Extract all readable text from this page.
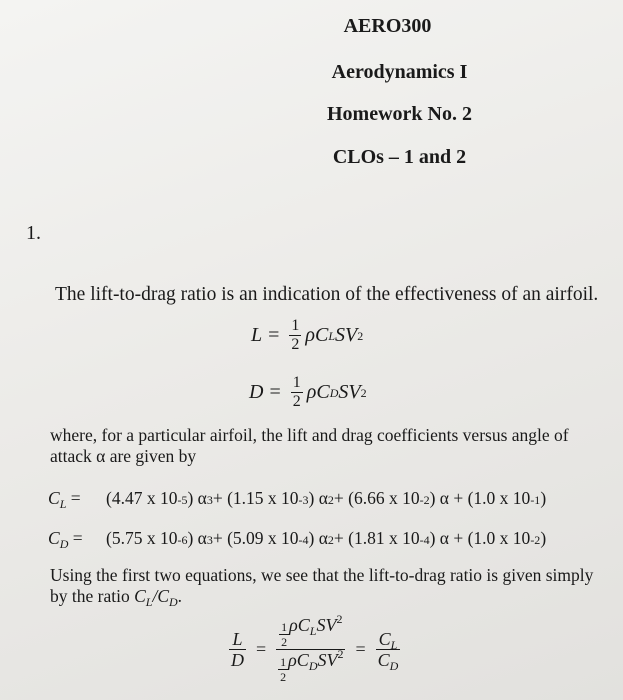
AERO300
Aerodynamics I
Homework No. 2
CLOs – 1 and 2
1.
The lift-to-drag ratio is an indication of the effectiveness of an airfoil.
$L = \frac{1}{2}$ ρC L SV 2
$D = \frac{1}{2}$ ρC D SV 2
where, for a particular airfoil, the lift and drag coefficients versus angle of attack α are given by
$C_L$ =	(4.47 x 10 -5 ) α 3 + (1.15 x 10 -3 ) α 2 + (6.66 x 10 -2 ) α + (1.0 x 10 -1 )
$C_D$ =	(5.75 x 10 -6 ) α 3 + (5.09 x 10 -4 ) α 2 + (1.81 x 10 -4 ) α + (1.0 x 10 -2 )
Using the first two equations, we see that the lift-to-drag ratio is given simply by the ratio $C_L/C_D$.
$\frac{L}{D} = \frac{\frac{1}{2} \rho C_LSV^2}{\frac{1}{2} \rho C_DSV^2} = \frac{C_L}{C_D}$
